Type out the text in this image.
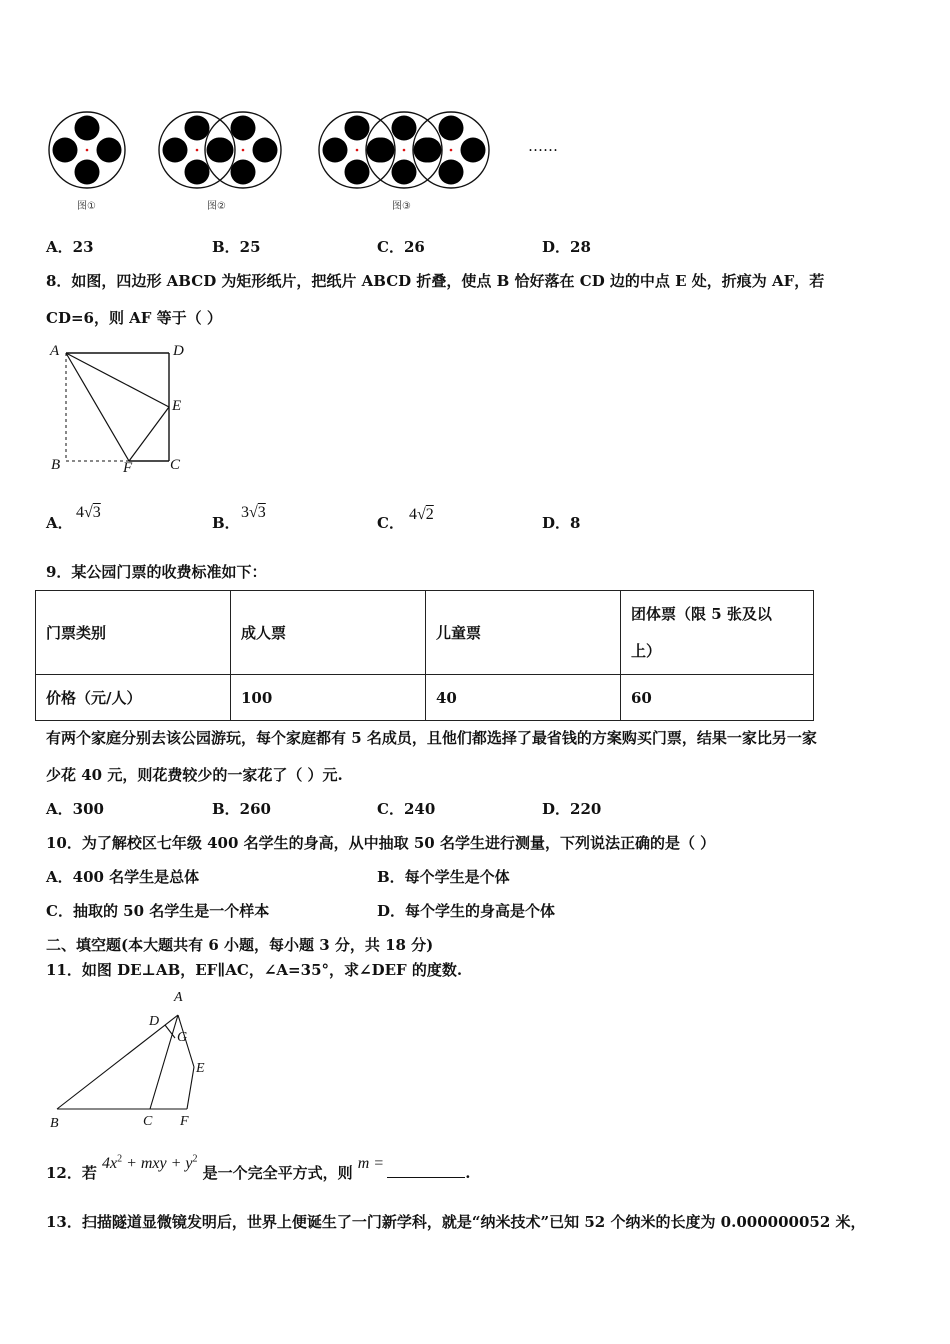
图①	图②	图③
……
A．23	B．25	C．26	D．28
8．如图，四边形 ABCD 为矩形纸片，把纸片 ABCD 折叠，使点 B 恰好落在 CD 边的中点 E 处，折痕为 AF，若
CD=6，则 AF 等于（ ）
A	D
E
B	F	C
A．
4√3
B．
3√3
C． 4√2	D．8
9．某公园门票的收费标准如下：
门票类别	成人票	儿童票	团体票（限 5 张及以
上）

价格（元/人）	100	40	60
有两个家庭分别去该公园游玩，每个家庭都有 5 名成员，且他们都选择了最省钱的方案购买门票，结果一家比另一家
少花 40 元，则花费较少的一家花了（ ）元.
A．300	B．260	C．240	D．220
10．为了解校区七年级 400 名学生的身高，从中抽取 50 名学生进行测量，下列说法正确的是（ ）
A．400 名学生是总体	B．每个学生是个体
C．抽取的 50 名学生是一个样本	D．每个学生的身高是个体
二、填空题(本大题共有 6 小题，每小题 3 分，共 18 分)
11．如图 DE⊥AB，EF∥AC，∠A=35°，求∠DEF 的度数.
A
D
G
E
B	C F
12．若 $4x^2$ + mxy + $y^2$ 是一个完全平方式，则 m = .
13．扫描隧道显微镜发明后，世界上便诞生了一门新学科，就是“纳米技术”已知 52 个纳米的长度为 0.000000052 米，
